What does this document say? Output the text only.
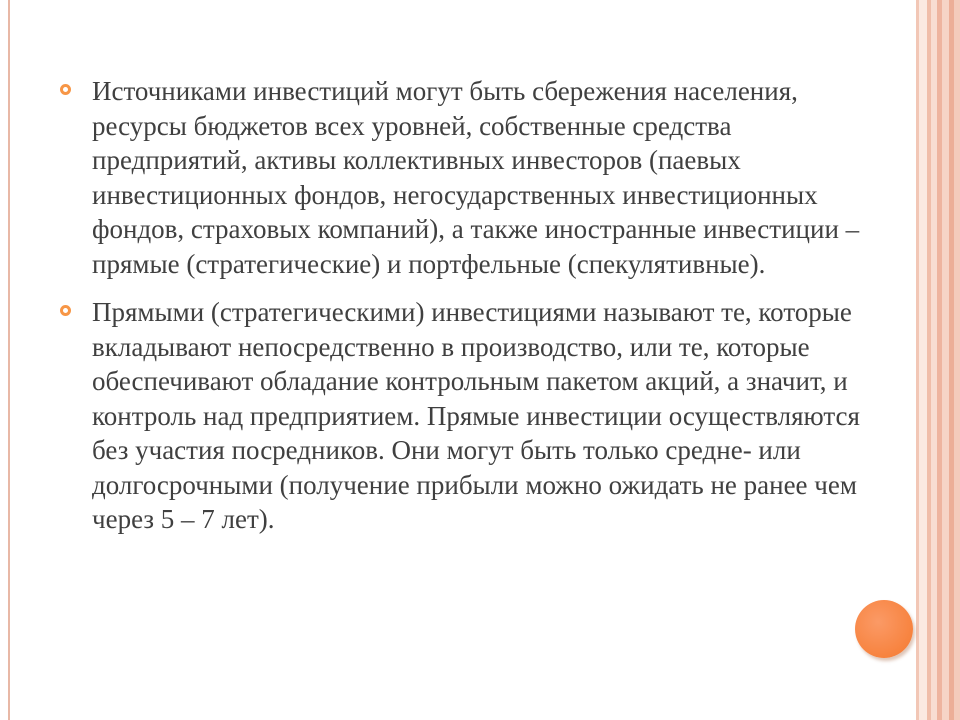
Источниками инвестиций могут быть сбережения населения, ресурсы бюджетов всех уровней, собственные средства предприятий, активы коллективных инвесторов (паевых инвестиционных фондов, негосударственных инвестиционных фондов, страховых компаний), а также иностранные инвестиции – прямые (стратегические) и портфельные (спекулятивные).
Прямыми (стратегическими) инвестициями называют те, которые вкладывают непосредственно в производство, или те, которые обеспечивают обладание контрольным пакетом акций, а значит, и контроль над предприятием. Прямые инвестиции осуществляются без участия посредников. Они могут быть только средне- или долгосрочными (получение прибыли можно ожидать не ранее чем через 5 – 7 лет).
